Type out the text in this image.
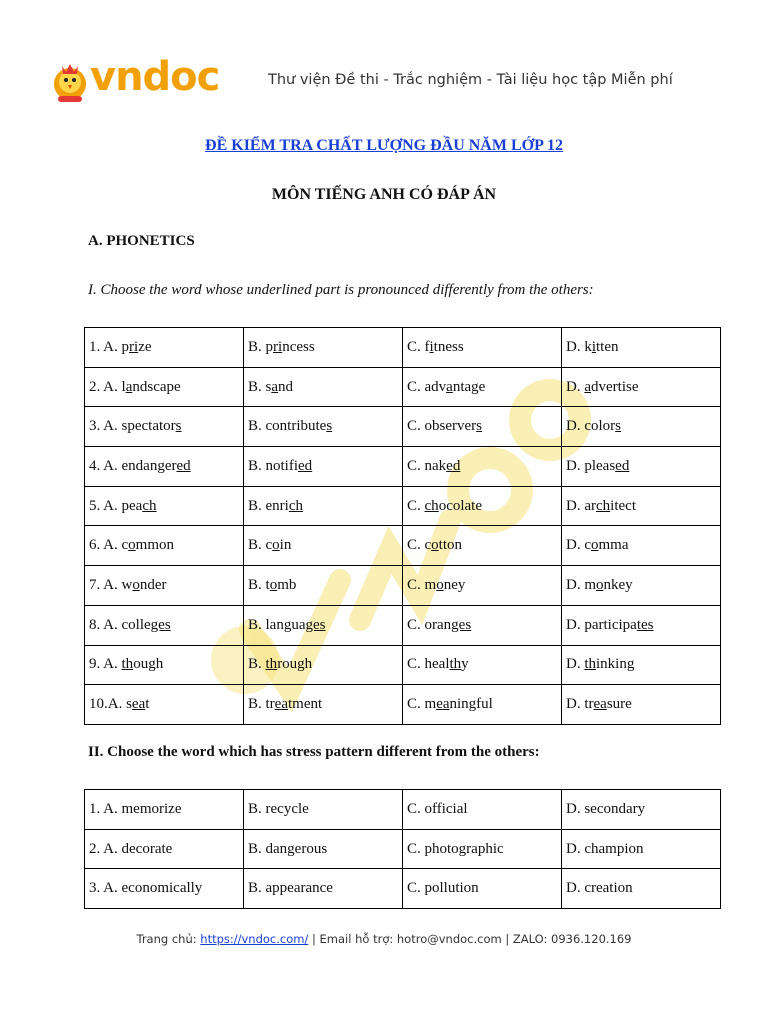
vndoc	Thư viện Đề thi - Trắc nghiệm - Tài liệu học tập Miễn phí
ĐỀ KIỂM TRA CHẤT LƯỢNG ĐẦU NĂM LỚP 12
MÔN TIẾNG ANH CÓ ĐÁP ÁN
A. PHONETICS
I. Choose the word whose underlined part is pronounced differently from the others:
1. A. prize	B. princess	C. fitness	D. kitten
2. A. landscape	B. sand	C. advantage	D. advertise
3. A. spectators	B. contributes	C. observers	D. colors
4. A. endangered	B. notified	C. naked	D. pleased
5. A. peach	B. enrich	C. chocolate	D. architect
6. A. common	B. coin	C. cotton	D. comma
7. A. wonder	B. tomb	C. money	D. monkey
8. A. colleges	B. languages	C. oranges	D. participates
9. A. though	B. through	C. healthy	D. thinking
10.A. seat	B. treatment	C. meaningful	D. treasure
II. Choose the word which has stress pattern different from the others:
1. A. memorize	B. recycle	C. official	D. secondary
2. A. decorate	B. dangerous	C. photographic	D. champion
3. A. economically	B. appearance	C. pollution	D. creation
Trang chủ: https://vndoc.com/ | Email hỗ trợ: hotro@vndoc.com | ZALO: 0936.120.169
